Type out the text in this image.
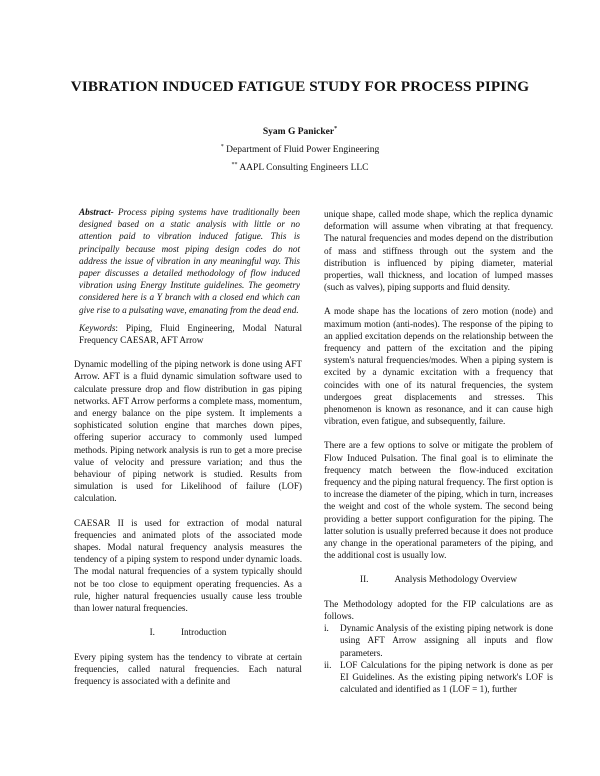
VIBRATION INDUCED FATIGUE STUDY FOR PROCESS PIPING
Syam G Panicker*
* Department of Fluid Power Engineering
** AAPL Consulting Engineers LLC

Abstract- Process piping systems have traditionally been designed based on a static analysis with little or no attention paid to vibration induced fatigue. This is principally because most piping design codes do not address the issue of vibration in any meaningful way. This paper discusses a detailed methodology of flow induced vibration using Energy Institute guidelines. The geometry considered here is a Y branch with a closed end which can give rise to a pulsating wave, emanating from the dead end.

Keywords: Piping, Fluid Engineering, Modal Natural Frequency CAESAR, AFT Arrow

Dynamic modelling of the piping network is done using AFT Arrow. AFT is a fluid dynamic simulation software used to calculate pressure drop and flow distribution in gas piping networks. AFT Arrow performs a complete mass, momentum, and energy balance on the pipe system. It implements a sophisticated solution engine that marches down pipes, offering superior accuracy to commonly used lumped methods. Piping network analysis is run to get a more precise value of velocity and pressure variation; and thus the behaviour of piping network is studied. Results from simulation is used for Likelihood of failure (LOF) calculation.

CAESAR II is used for extraction of modal natural frequencies and animated plots of the associated mode shapes. Modal natural frequency analysis measures the tendency of a piping system to respond under dynamic loads. The modal natural frequencies of a system typically should not be too close to equipment operating frequencies. As a rule, higher natural frequencies usually cause less trouble than lower natural frequencies.

I.	Introduction

Every piping system has the tendency to vibrate at certain frequencies, called natural frequencies. Each natural frequency is associated with a definite and

unique shape, called mode shape, which the replica dynamic deformation will assume when vibrating at that frequency. The natural frequencies and modes depend on the distribution of mass and stiffness through out the system and the distribution is influenced by piping diameter, material properties, wall thickness, and location of lumped masses (such as valves), piping supports and fluid density.

A mode shape has the locations of zero motion (node) and maximum motion (anti-nodes). The response of the piping to an applied excitation depends on the relationship between the frequency and pattern of the excitation and the piping system's natural frequencies/modes. When a piping system is excited by a dynamic excitation with a frequency that coincides with one of its natural frequencies, the system undergoes great displacements and stresses. This phenomenon is known as resonance, and it can cause high vibration, even fatigue, and subsequently, failure.

There are a few options to solve or mitigate the problem of Flow Induced Pulsation. The final goal is to eliminate the frequency match between the flow-induced excitation frequency and the piping natural frequency. The first option is to increase the diameter of the piping, which in turn, increases the weight and cost of the whole system. The second being providing a better support configuration for the piping. The latter solution is usually preferred because it does not produce any change in the operational parameters of the piping, and the additional cost is usually low.

II.	Analysis Methodology Overview

The Methodology adopted for the FIP calculations are as follows.

i. Dynamic Analysis of the existing piping network is done using AFT Arrow assigning all inputs and flow parameters.
ii. LOF Calculations for the piping network is done as per EI Guidelines. As the existing piping network's LOF is calculated and identified as 1 (LOF = 1), further
